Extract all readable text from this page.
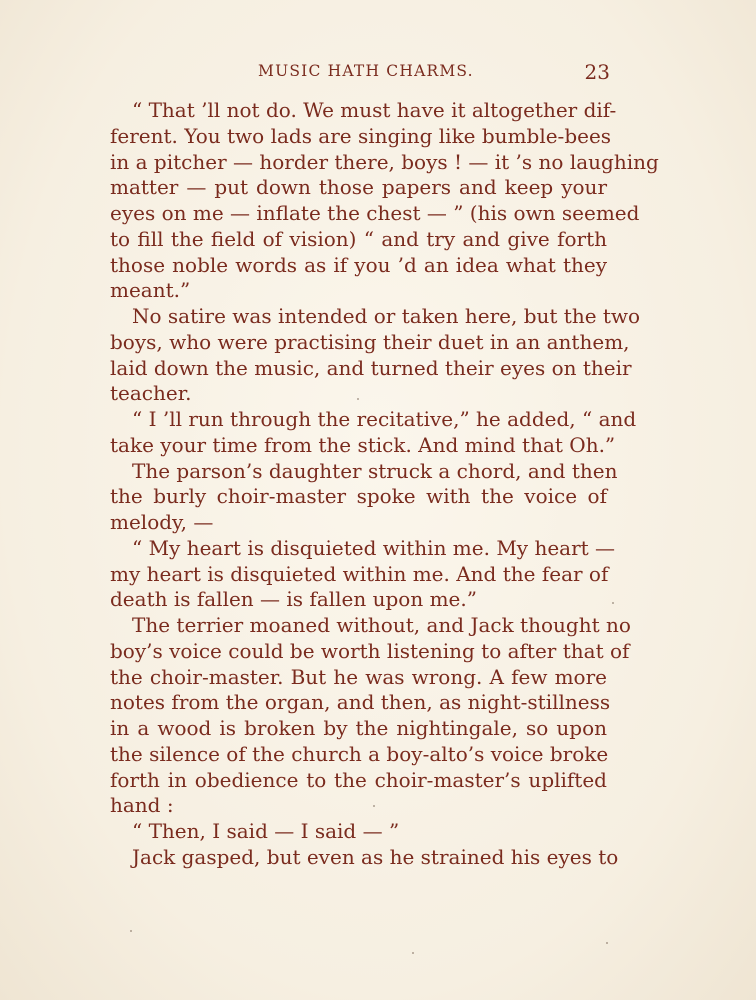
MUSIC HATH CHARMS.	23
“ That ’ll not do. We must have it altogether dif-
ferent. You two lads are singing like bumble-bees
in a pitcher — horder there, boys ! — it ’s no laughing
matter — put down those papers and keep your
eyes on me — inflate the chest — ” (his own seemed
to fill the field of vision) “ and try and give forth
those noble words as if you ’d an idea what they
meant.”
No satire was intended or taken here, but the two
boys, who were practising their duet in an anthem,
laid down the music, and turned their eyes on their
teacher.
“ I ’ll run through the recitative,” he added, “ and
take your time from the stick. And mind that Oh.”
The parson’s daughter struck a chord, and then
the burly choir-master spoke with the voice of
melody, —
“ My heart is disquieted within me. My heart —
my heart is disquieted within me. And the fear of
death is fallen — is fallen upon me.”
The terrier moaned without, and Jack thought no
boy’s voice could be worth listening to after that of
the choir-master. But he was wrong. A few more
notes from the organ, and then, as night-stillness
in a wood is broken by the nightingale, so upon
the silence of the church a boy-alto’s voice broke
forth in obedience to the choir-master’s uplifted
hand :
“ Then, I said — I said — ”
Jack gasped, but even as he strained his eyes to
